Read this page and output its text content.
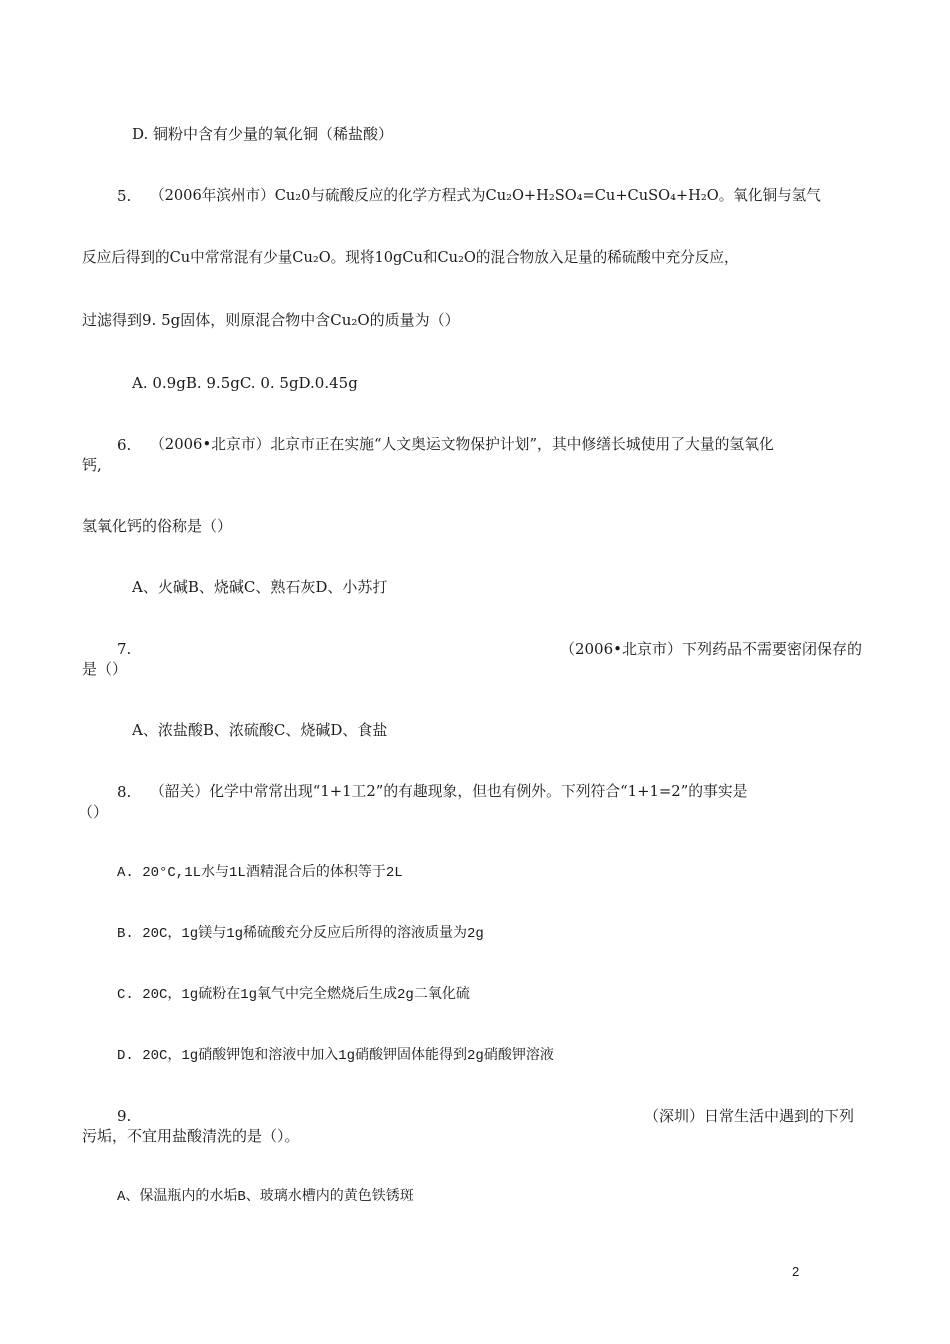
D. 铜粉中含有少量的氧化铜（稀盐酸）
5. （2006年滨州市）Cu₂0与硫酸反应的化学方程式为Cu₂O+H₂SO₄=Cu+CuSO₄+H₂O。氧化铜与氢气
反应后得到的Cu中常常混有少量Cu₂O。现将10gCu和Cu₂O的混合物放入足量的稀硫酸中充分反应，
过滤得到9. 5g固体，则原混合物中含Cu₂O的质量为（）
A. 0.9gB. 9.5gC. 0. 5gD.0.45g
6. （2006•北京市）北京市正在实施“人文奥运文物保护计划”，其中修缮长城使用了大量的氢氧化
钙,
氢氧化钙的俗称是（）
A、火碱B、烧碱C、熟石灰D、小苏打
7.	（2006•北京市）下列药品不需要密闭保存的
是（）
A、浓盐酸B、浓硫酸C、烧碱D、食盐
8. （韶关）化学中常常出现“1+1工2”的有趣现象，但也有例外。下列符合“1+1=2”的事实是
（）
A. 20°C,1L水与1L酒精混合后的体积等于2L
B. 20C，1g镁与1g稀硫酸充分反应后所得的溶液质量为2g
C. 20C，1g硫粉在1g氧气中完全燃烧后生成2g二氧化硫
D. 20C，1g硝酸钾饱和溶液中加入1g硝酸钾固体能得到2g硝酸钾溶液
9.	（深圳）日常生活中遇到的下列
污垢，不宜用盐酸清洗的是（）。
A、保温瓶内的水垢B、玻璃水槽内的黄色铁锈斑
2
